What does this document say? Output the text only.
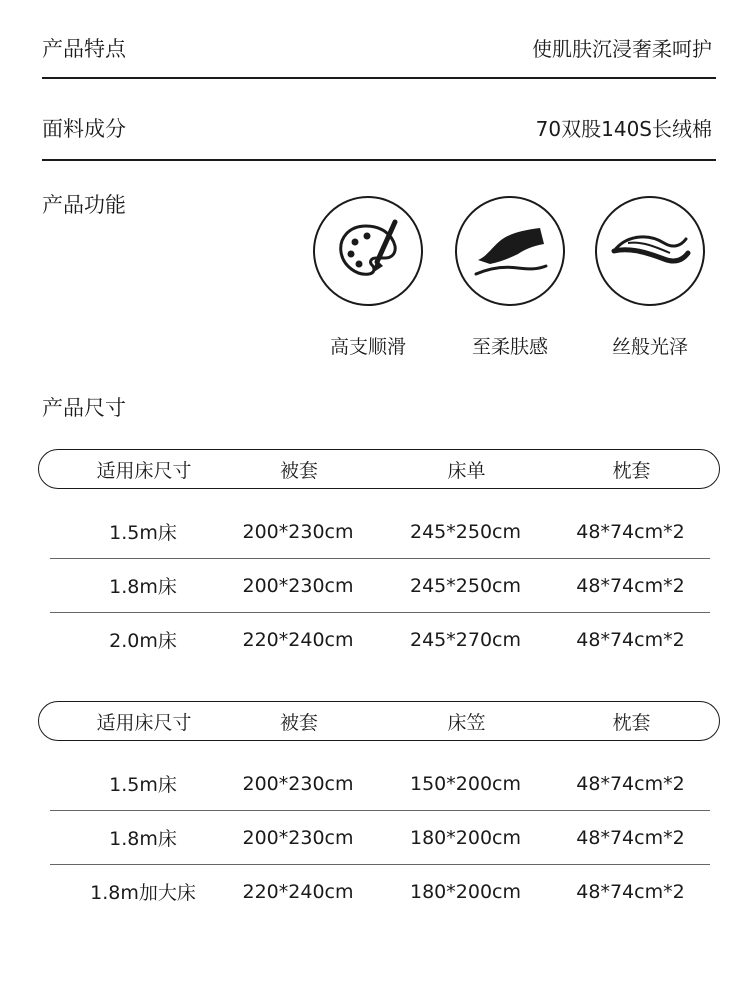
产品特点	使肌肤沉浸奢柔呵护
面料成分	70双股140S长绒棉
产品功能
高支顺滑	至柔肤感	丝般光泽
产品尺寸
适用床尺寸	被套	床单	枕套
1.5m床	200*230cm	245*250cm	48*74cm*2
1.8m床	200*230cm	245*250cm	48*74cm*2
2.0m床	220*240cm	245*270cm	48*74cm*2
适用床尺寸	被套	床笠	枕套
1.5m床	200*230cm	150*200cm	48*74cm*2
1.8m床	200*230cm	180*200cm	48*74cm*2
1.8m加大床	220*240cm	180*200cm	48*74cm*2
